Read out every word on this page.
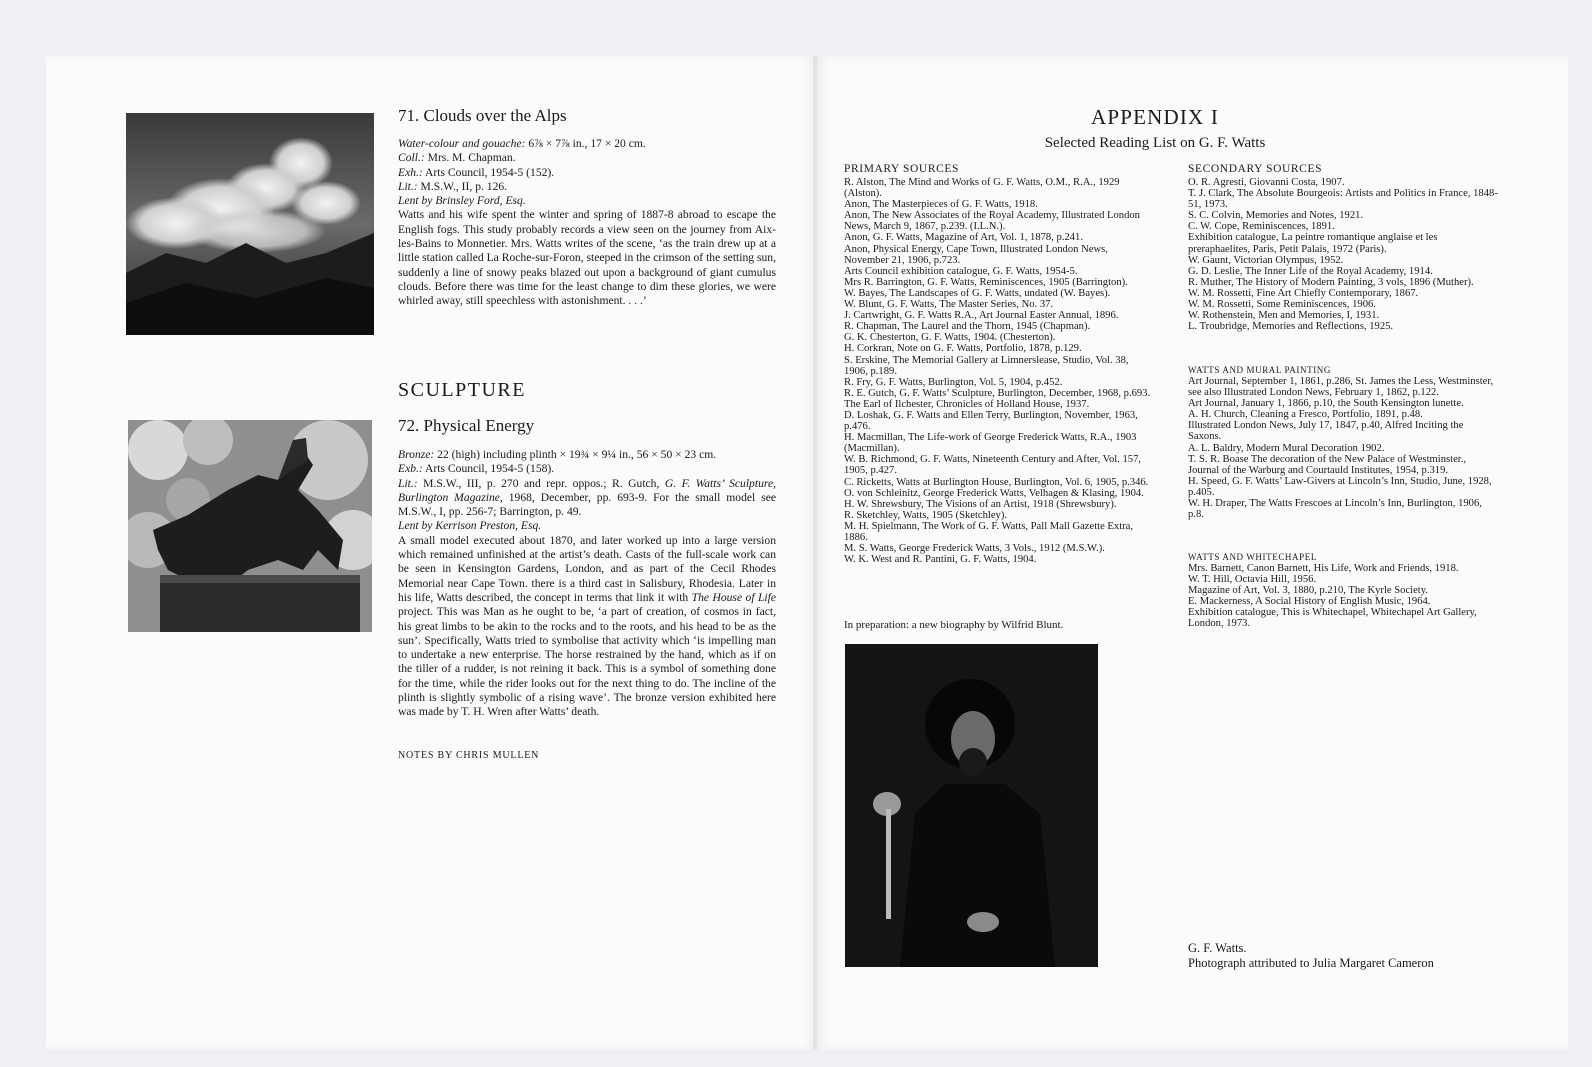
71. Clouds over the Alps
Water-colour and gouache: 6⅞ × 7⅞ in., 17 × 20 cm.
Coll.: Mrs. M. Chapman.
Exh.: Arts Council, 1954-5 (152).
Lit.: M.S.W., II, p. 126.
Lent by Brinsley Ford, Esq.

Watts and his wife spent the winter and spring of 1887-8 abroad to escape the English fogs. This study probably records a view seen on the journey from Aix-les-Bains to Monnetier. Mrs. Watts writes of the scene, ‘as the train drew up at a little station called La Roche-sur-Foron, steeped in the crimson of the setting sun, suddenly a line of snowy peaks blazed out upon a background of giant cumulus clouds. Before there was time for the least change to dim these glories, we were whirled away, still speechless with astonishment. . . .’

SCULPTURE
72. Physical Energy
Bronze: 22 (high) including plinth × 19¾ × 9¼ in., 56 × 50 × 23 cm.
Exb.: Arts Council, 1954-5 (158).
Lit.: M.S.W., III, p. 270 and repr. oppos.; R. Gutch, G. F. Watts’ Sculpture, Burlington Magazine, 1968, December, pp. 693-9. For the small model see M.S.W., I, pp. 256-7; Barrington, p. 49.
Lent by Kerrison Preston, Esq.

A small model executed about 1870, and later worked up into a large version which remained unfinished at the artist’s death. Casts of the full-scale work can be seen in Kensington Gardens, London, and as part of the Cecil Rhodes Memorial near Cape Town. there is a third cast in Salisbury, Rhodesia. Later in his life, Watts described, the concept in terms that link it with The House of Life project. This was Man as he ought to be, ‘a part of creation, of cosmos in fact, his great limbs to be akin to the rocks and to the roots, and his head to be as the sun’. Specifically, Watts tried to symbolise that activity which ‘is impelling man to undertake a new enterprise. The horse restrained by the hand, which as if on the tiller of a rudder, is not reining it back. This is a symbol of something done for the time, while the rider looks out for the next thing to do. The incline of the plinth is slightly symbolic of a rising wave’. The bronze version exhibited here was made by T. H. Wren after Watts’ death.

NOTES BY CHRIS MULLEN
APPENDIX I
Selected Reading List on G. F. Watts
PRIMARY SOURCES
R. Alston, The Mind and Works of G. F. Watts, O.M., R.A., 1929 (Alston).
Anon, The Masterpieces of G. F. Watts, 1918.
Anon, The New Associates of the Royal Academy, Illustrated London News, March 9, 1867, p.239. (I.L.N.).
Anon, G. F. Watts, Magazine of Art, Vol. 1, 1878, p.241.
Anon, Physical Energy, Cape Town, Illustrated London News, November 21, 1906, p.723.
Arts Council exhibition catalogue, G. F. Watts, 1954-5.
Mrs R. Barrington, G. F. Watts, Reminiscences, 1905 (Barrington).
W. Bayes, The Landscapes of G. F. Watts, undated (W. Bayes).
W. Blunt, G. F. Watts, The Master Series, No. 37.
J. Cartwright, G. F. Watts R.A., Art Journal Easter Annual, 1896.
R. Chapman, The Laurel and the Thorn, 1945 (Chapman).
G. K. Chesterton, G. F. Watts, 1904. (Chesterton).
H. Corkran, Note on G. F. Watts, Portfolio, 1878, p.129.
S. Erskine, The Memorial Gallery at Limnerslease, Studio, Vol. 38, 1906, p.189.
R. Fry, G. F. Watts, Burlington, Vol. 5, 1904, p.452.
R. E. Gutch, G. F. Watts’ Sculpture, Burlington, December, 1968, p.693.
The Earl of Ilchester, Chronicles of Holland House, 1937.
D. Loshak, G. F. Watts and Ellen Terry, Burlington, November, 1963, p.476.
H. Macmillan, The Life-work of George Frederick Watts, R.A., 1903 (Macmillan).
W. B. Richmond, G. F. Watts, Nineteenth Century and After, Vol. 157, 1905, p.427.
C. Ricketts, Watts at Burlington House, Burlington, Vol. 6, 1905, p.346.
O. von Schleinitz, George Frederick Watts, Velhagen & Klasing, 1904.
H. W. Shrewsbury, The Visions of an Artist, 1918 (Shrewsbury).
R. Sketchley, Watts, 1905 (Sketchley).
M. H. Spielmann, The Work of G. F. Watts, Pall Mall Gazette Extra, 1886.
M. S. Watts, George Frederick Watts, 3 Vols., 1912 (M.S.W.).
W. K. West and R. Pantini, G. F. Watts, 1904.
SECONDARY SOURCES
O. R. Agresti, Giovanni Costa, 1907.
T. J. Clark, The Absolute Bourgeois: Artists and Politics in France, 1848-51, 1973.
S. C. Colvin, Memories and Notes, 1921.
C. W. Cope, Reminiscences, 1891.
Exhibition catalogue, La peintre romantique anglaise et les preraphaelites, Paris, Petit Palais, 1972 (Paris).
W. Gaunt, Victorian Olympus, 1952.
G. D. Leslie, The Inner Life of the Royal Academy, 1914.
R. Muther, The History of Modern Painting, 3 vols, 1896 (Muther).
W. M. Rossetti, Fine Art Chiefly Contemporary, 1867.
W. M. Rossetti, Some Reminiscences, 1906.
W. Rothenstein, Men and Memories, I, 1931.
L. Troubridge, Memories and Reflections, 1925.
WATTS AND MURAL PAINTING
Art Journal, September 1, 1861, p.286, St. James the Less, Westminster, see also Illustrated London News, February 1, 1862, p.122.
Art Journal, January 1, 1866, p.10, the South Kensington lunette.
A. H. Church, Cleaning a Fresco, Portfolio, 1891, p.48.
Illustrated London News, July 17, 1847, p.40, Alfred Inciting the Saxons.
A. L. Baldry, Modern Mural Decoration 1902.
T. S. R. Boase The decoration of the New Palace of Westminster., Journal of the Warburg and Courtauld Institutes, 1954, p.319.
H. Speed, G. F. Watts’ Law-Givers at Lincoln’s Inn, Studio, June, 1928, p.405.
W. H. Draper, The Watts Frescoes at Lincoln’s Inn, Burlington, 1906, p.8.
WATTS AND WHITECHAPEL
Mrs. Barnett, Canon Barnett, His Life, Work and Friends, 1918.
W. T. Hill, Octavia Hill, 1956.
Magazine of Art, Vol. 3, 1880, p.210, The Kyrle Society.
E. Mackerness, A Social History of English Music, 1964.
Exhibition catalogue, This is Whitechapel, Whitechapel Art Gallery, London, 1973.
In preparation: a new biography by Wilfrid Blunt.
G. F. Watts.
Photograph attributed to Julia Margaret Cameron
